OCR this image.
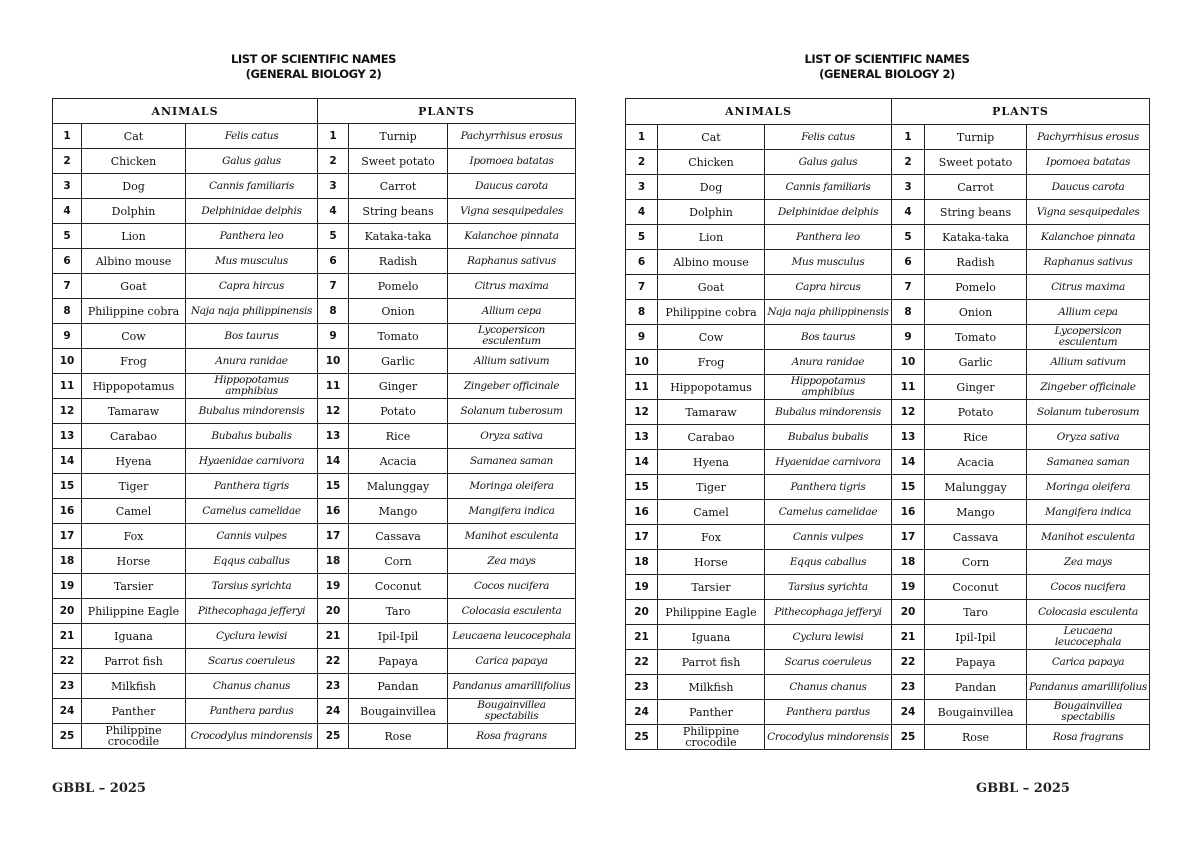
LIST OF SCIENTIFIC NAMES
(GENERAL BIOLOGY 2)
ANIMALS			PLANTS		
1	Cat	Felis catus	1	Turnip	Pachyrrhisus erosus
2	Chicken	Galus galus	2	Sweet potato	Ipomoea batatas
3	Dog	Cannis familiaris	3	Carrot	Daucus carota
4	Dolphin	Delphinidae delphis	4	String beans	Vigna sesquipedales
5	Lion	Panthera leo	5	Kataka-taka	Kalanchoe pinnata
6	Albino mouse	Mus musculus	6	Radish	Raphanus sativus
7	Goat	Capra hircus	7	Pomelo	Citrus maxima
8	Philippine cobra	Naja naja philippinensis	8	Onion	Allium cepa
9	Cow	Bos taurus	9	Tomato	Lycopersicon esculentum
10	Frog	Anura ranidae	10	Garlic	Allium sativum
11	Hippopotamus	Hippopotamus amphibius	11	Ginger	Zingeber officinale
12	Tamaraw	Bubalus mindorensis	12	Potato	Solanum tuberosum
13	Carabao	Bubalus bubalis	13	Rice	Oryza sativa
14	Hyena	Hyaenidae carnivora	14	Acacia	Samanea saman
15	Tiger	Panthera tigris	15	Malunggay	Moringa oleifera
16	Camel	Camelus camelidae	16	Mango	Mangifera indica
17	Fox	Cannis vulpes	17	Cassava	Manihot esculenta
18	Horse	Eqqus caballus	18	Corn	Zea mays
19	Tarsier	Tarsius syrichta	19	Coconut	Cocos nucifera
20	Philippine Eagle	Pithecophaga jefferyi	20	Taro	Colocasia esculenta
21	Iguana	Cyclura lewisi	21	Ipil-Ipil	Leucaena leucocephala
22	Parrot fish	Scarus coeruleus	22	Papaya	Carica papaya
23	Milkfish	Chanus chanus	23	Pandan	Pandanus amarillifolius
24	Panther	Panthera pardus	24	Bougainvillea	Bougainvillea spectabilis
25	Philippine crocodile	Crocodylus mindorensis	25	Rose	Rosa fragrans
LIST OF SCIENTIFIC NAMES
(GENERAL BIOLOGY 2)
ANIMALS			PLANTS		
1	Cat	Felis catus	1	Turnip	Pachyrrhisus erosus
2	Chicken	Galus galus	2	Sweet potato	Ipomoea batatas
3	Dog	Cannis familiaris	3	Carrot	Daucus carota
4	Dolphin	Delphinidae delphis	4	String beans	Vigna sesquipedales
5	Lion	Panthera leo	5	Kataka-taka	Kalanchoe pinnata
6	Albino mouse	Mus musculus	6	Radish	Raphanus sativus
7	Goat	Capra hircus	7	Pomelo	Citrus maxima
8	Philippine cobra	Naja naja philippinensis	8	Onion	Allium cepa
9	Cow	Bos taurus	9	Tomato	Lycopersicon esculentum
10	Frog	Anura ranidae	10	Garlic	Allium sativum
11	Hippopotamus	Hippopotamus amphibius	11	Ginger	Zingeber officinale
12	Tamaraw	Bubalus mindorensis	12	Potato	Solanum tuberosum
13	Carabao	Bubalus bubalis	13	Rice	Oryza sativa
14	Hyena	Hyaenidae carnivora	14	Acacia	Samanea saman
15	Tiger	Panthera tigris	15	Malunggay	Moringa oleifera
16	Camel	Camelus camelidae	16	Mango	Mangifera indica
17	Fox	Cannis vulpes	17	Cassava	Manihot esculenta
18	Horse	Eqqus caballus	18	Corn	Zea mays
19	Tarsier	Tarsius syrichta	19	Coconut	Cocos nucifera
20	Philippine Eagle	Pithecophaga jefferyi	20	Taro	Colocasia esculenta
21	Iguana	Cyclura lewisi	21	Ipil-Ipil	Leucaena leucocephala
22	Parrot fish	Scarus coeruleus	22	Papaya	Carica papaya
23	Milkfish	Chanus chanus	23	Pandan	Pandanus amarillifolius
24	Panther	Panthera pardus	24	Bougainvillea	Bougainvillea spectabilis
25	Philippine crocodile	Crocodylus mindorensis	25	Rose	Rosa fragrans
GBBL – 2025	GBBL – 2025
